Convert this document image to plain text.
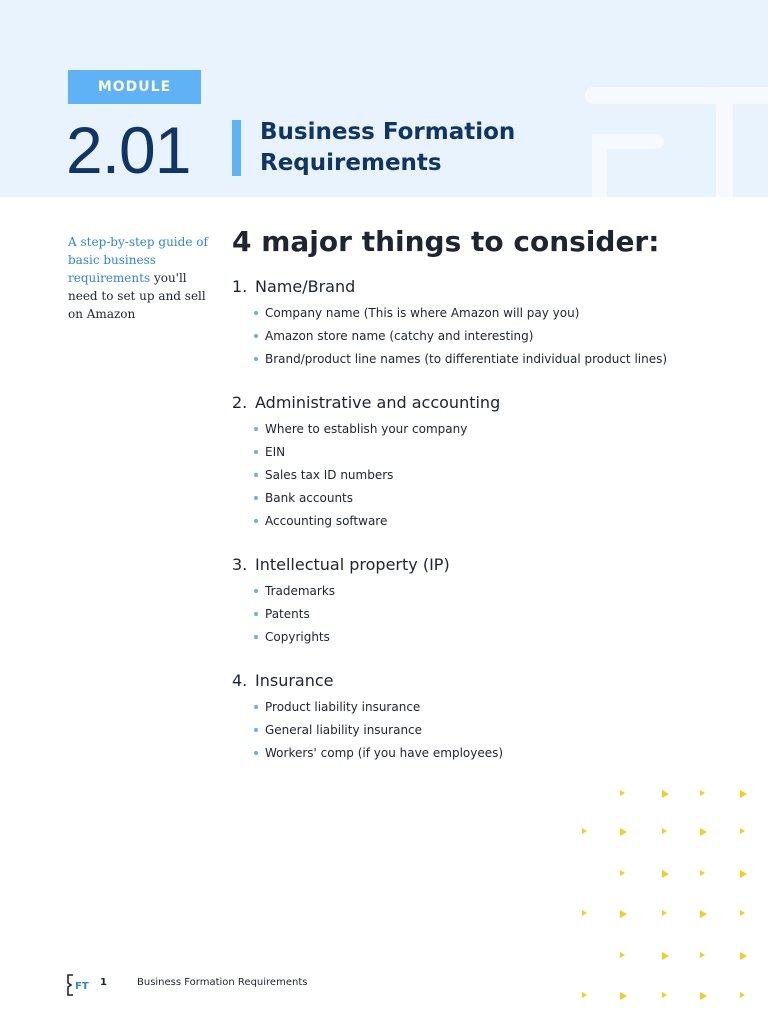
MODULE
2.01	Business Formation Requirements
A step-by-step guide of basic business requirements you'll need to set up and sell on Amazon
4 major things to consider:
1. Name/Brand
Company name (This is where Amazon will pay you)
Amazon store name (catchy and interesting)
Brand/product line names (to differentiate individual product lines)
2. Administrative and accounting
Where to establish your company
EIN
Sales tax ID numbers
Bank accounts
Accounting software
3. Intellectual property (IP)
Trademarks
Patents
Copyrights
4. Insurance
Product liability insurance
General liability insurance
Workers' comp (if you have employees)
FT 1	Business Formation Requirements
